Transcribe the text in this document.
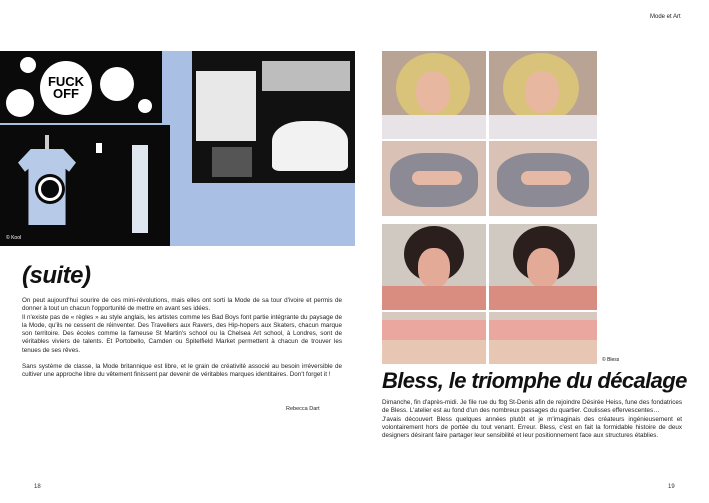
Mode et Art
FUCK OFF
© Kool
(suite)

On peut aujourd'hui sourire de ces mini-révolutions, mais elles ont sorti la Mode de sa tour d'ivoire et permis de donner à tout un chacun l'opportunité de mettre en avant ses idées.

Il n'existe pas de « règles » au style anglais, les artistes comme les Bad Boys font partie intégrante du paysage de la Mode, qu'ils ne cessent de réinventer. Des Travellers aux Ravers, des Hip-hopers aux Skaters, chacun marque son territoire. Des écoles comme la fameuse St Martin's school ou la Chelsea Art school, à Londres, sont de véritables viviers de talents. Et Portobello, Camden ou Spitelfield Market permettent à chacun de trouver les tenues de ses rêves.

Sans système de classe, la Mode britannique est libre, et le grain de créativité associé au besoin irréversible de cultiver une approche libre du vêtement finissent par devenir de véritables marques identitaires. Don't forget it !

Rebecca Dart
18
© Bless
Bless, le triomphe du décalage

Dimanche, fin d'après-midi. Je file rue du fbg St-Denis afin de rejoindre Désirée Heiss, fune des fondatrices de Bless. L'atelier est au fond d'un des nombreux passages du quartier. Coulisses effervescentes…

J'avais découvert Bless quelques années plutôt et je m'imaginais des créateurs ingénieusement et volontairement hors de portée du tout venant. Erreur. Bless, c'est en fait la formidable histoire de deux designers désirant faire partager leur sensibilité et leur positionnement face aux structures établies.

19
